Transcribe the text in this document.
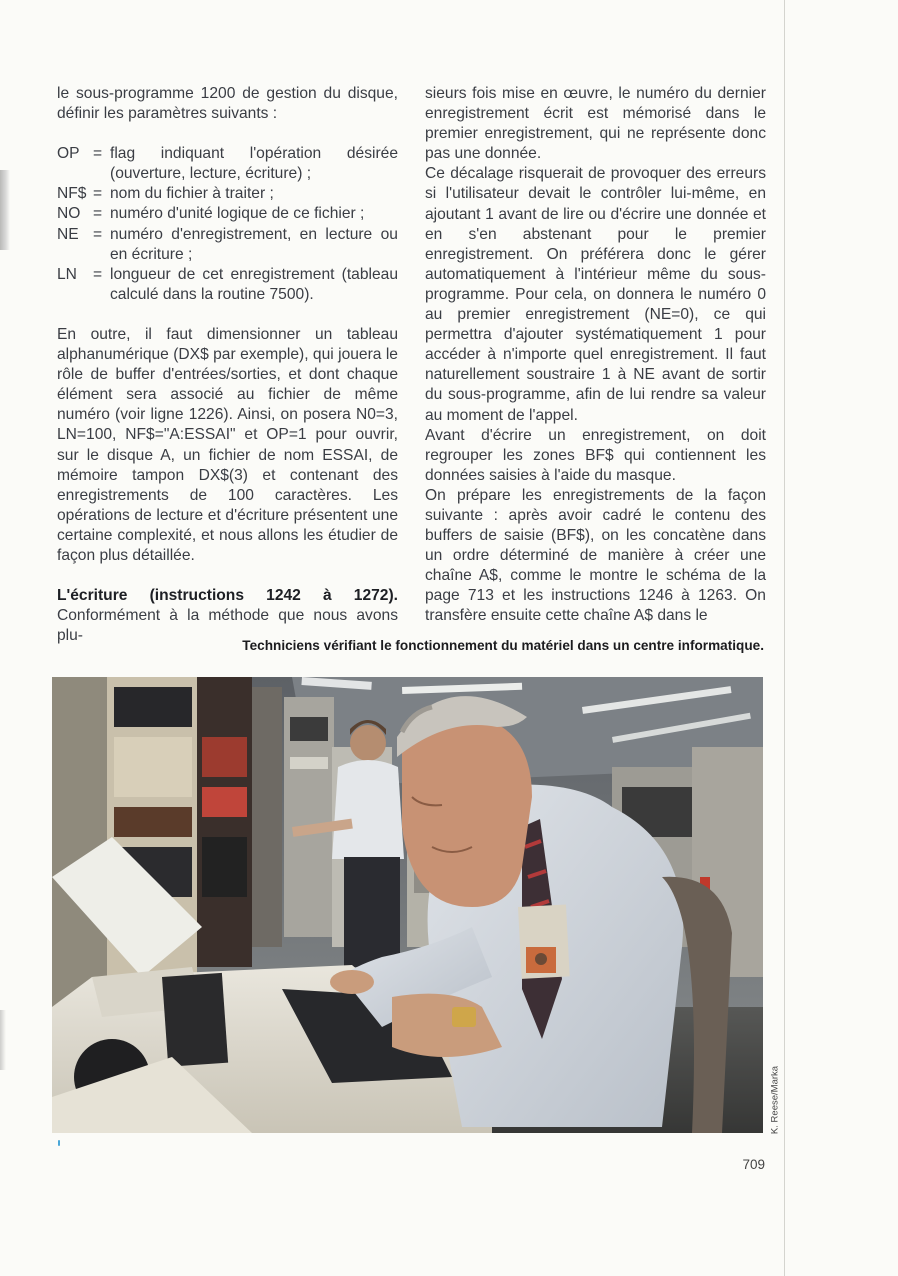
le sous-programme 1200 de gestion du disque, définir les paramètres suivants :

OP = flag indiquant l'opération désirée (ouverture, lecture, écriture) ;
NF$ = nom du fichier à traiter ;
NO = numéro d'unité logique de ce fichier ;
NE = numéro d'enregistrement, en lecture ou en écriture ;
LN	= longueur de cet enregistrement (tableau calculé dans la routine 7500).

En outre, il faut dimensionner un tableau alphanumérique (DX$ par exemple), qui jouera le rôle de buffer d'entrées/sorties, et dont chaque élément sera associé au fichier de même numéro (voir ligne 1226). Ainsi, on posera N0=3, LN=100, NF$="A:ESSAI" et OP=1 pour ouvrir, sur le disque A, un fichier de nom ESSAI, de mémoire tampon DX$(3) et contenant des enregistrements de 100 caractères. Les opérations de lecture et d'écriture présentent une certaine complexité, et nous allons les étudier de façon plus détaillée.

L'écriture (instructions 1242 à 1272). Conformément à la méthode que nous avons plu-

sieurs fois mise en œuvre, le numéro du dernier enregistrement écrit est mémorisé dans le premier enregistrement, qui ne représente donc pas une donnée.

Ce décalage risquerait de provoquer des erreurs si l'utilisateur devait le contrôler lui-même, en ajoutant 1 avant de lire ou d'écrire une donnée et en s'en abstenant pour le premier enregistrement. On préférera donc le gérer automatiquement à l'intérieur même du sous-programme. Pour cela, on donnera le numéro 0 au premier enregistrement (NE=0), ce qui permettra d'ajouter systématiquement 1 pour accéder à n'importe quel enregistrement. Il faut naturellement soustraire 1 à NE avant de sortir du sous-programme, afin de lui rendre sa valeur au moment de l'appel.

Avant d'écrire un enregistrement, on doit regrouper les zones BF$ qui contiennent les données saisies à l'aide du masque.

On prépare les enregistrements de la façon suivante : après avoir cadré le contenu des buffers de saisie (BF$), on les concatène dans un ordre déterminé de manière à créer une chaîne A$, comme le montre le schéma de la page 713 et les instructions 1246 à 1263. On transfère ensuite cette chaîne A$ dans le

Techniciens vérifiant le fonctionnement du matériel dans un centre informatique.
K. Reese/Marka
709
